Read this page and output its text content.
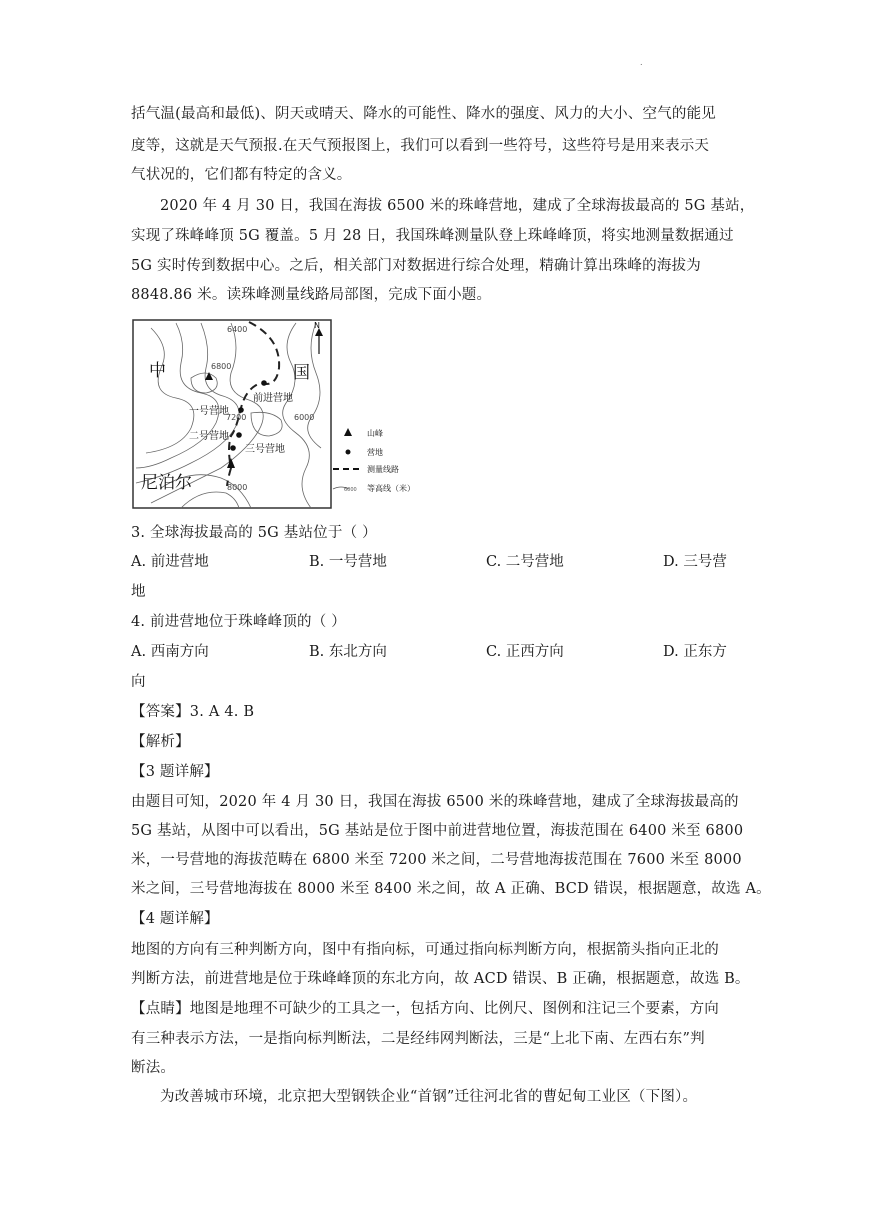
.
括气温(最高和最低)、阴天或晴天、降水的可能性、降水的强度、风力的大小、空气的能见
度等，这就是天气预报.在天气预报图上，我们可以看到一些符号，这些符号是用来表示天
气状况的，它们都有特定的含义。
2020 年 4 月 30 日，我国在海拔 6500 米的珠峰营地，建成了全球海拔最高的 5G 基站，
实现了珠峰峰顶 5G 覆盖。5 月 28 日，我国珠峰测量队登上珠峰峰顶，将实地测量数据通过
5G 实时传到数据中心。之后，相关部门对数据进行综合处理，精确计算出珠峰的海拔为
8848.86 米。读珠峰测量线路局部图，完成下面小题。
N
中	国
尼泊尔
6400
6800
7200	6000
8000
前进营地
一号营地
二号营地
三号营地
山峰
营地
测量线路
6000 等高线（米）
3. 全球海拔最高的 5G 基站位于（ ）
A. 前进营地	B. 一号营地	C. 二号营地	D. 三号营
地
4. 前进营地位于珠峰峰顶的（ ）
A. 西南方向	B. 东北方向	C. 正西方向	D. 正东方
向
【答案】3. A 4. B
【解析】
【3 题详解】
由题目可知，2020 年 4 月 30 日，我国在海拔 6500 米的珠峰营地，建成了全球海拔最高的
5G 基站，从图中可以看出，5G 基站是位于图中前进营地位置，海拔范围在 6400 米至 6800
米，一号营地的海拔范畴在 6800 米至 7200 米之间，二号营地海拔范围在 7600 米至 8000
米之间，三号营地海拔在 8000 米至 8400 米之间，故 A 正确、BCD 错误，根据题意，故选 A。
【4 题详解】
地图的方向有三种判断方向，图中有指向标，可通过指向标判断方向，根据箭头指向正北的
判断方法，前进营地是位于珠峰峰顶的东北方向，故 ACD 错误、B 正确，根据题意，故选 B。
【点睛】地图是地理不可缺少的工具之一，包括方向、比例尺、图例和注记三个要素，方向
有三种表示方法，一是指向标判断法，二是经纬网判断法，三是“上北下南、左西右东”判
断法。
为改善城市环境，北京把大型钢铁企业“首钢”迁往河北省的曹妃甸工业区（下图）。
